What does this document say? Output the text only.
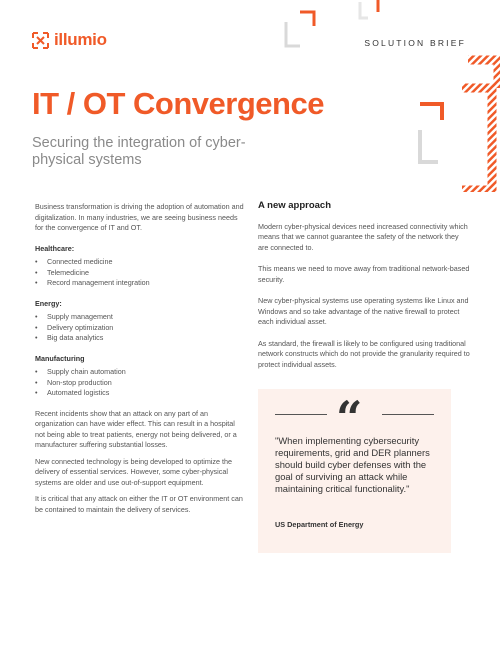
illumio	SOLUTION BRIEF
IT / OT Convergence
Securing the integration of cyber-physical systems

Business transformation is driving the adoption of automation and digitalization. In many industries, we are seeing business needs for the convergence of IT and OT.

Healthcare:
• Connected medicine
• Telemedicine
• Record management integration
Energy:
• Supply management
• Delivery optimization
• Big data analytics
Manufacturing
• Supply chain automation
• Non-stop production
• Automated logistics

Recent incidents show that an attack on any part of an organization can have wider effect. This can result in a hospital not being able to treat patients, energy not being delivered, or a manufacturer suffering substantial losses.

New connected technology is being developed to optimize the delivery of essential services. However, some cyber-physical systems are older and use out-of-support equipment.

It is critical that any attack on either the IT or OT environment can be contained to maintain the delivery of services.

A new approach

Modern cyber-physical devices need increased connectivity which means that we cannot guarantee the safety of the network they are connected to.

This means we need to move away from traditional network-based security.

New cyber-physical systems use operating systems like Linux and Windows and so take advantage of the native firewall to protect each individual asset.

As standard, the firewall is likely to be configured using traditional network constructs which do not provide the granularity required to protect individual assets.

“
"When implementing cybersecurity requirements, grid and DER planners should build cyber defenses with the goal of surviving an attack while maintaining critical functionality."
US Department of Energy
